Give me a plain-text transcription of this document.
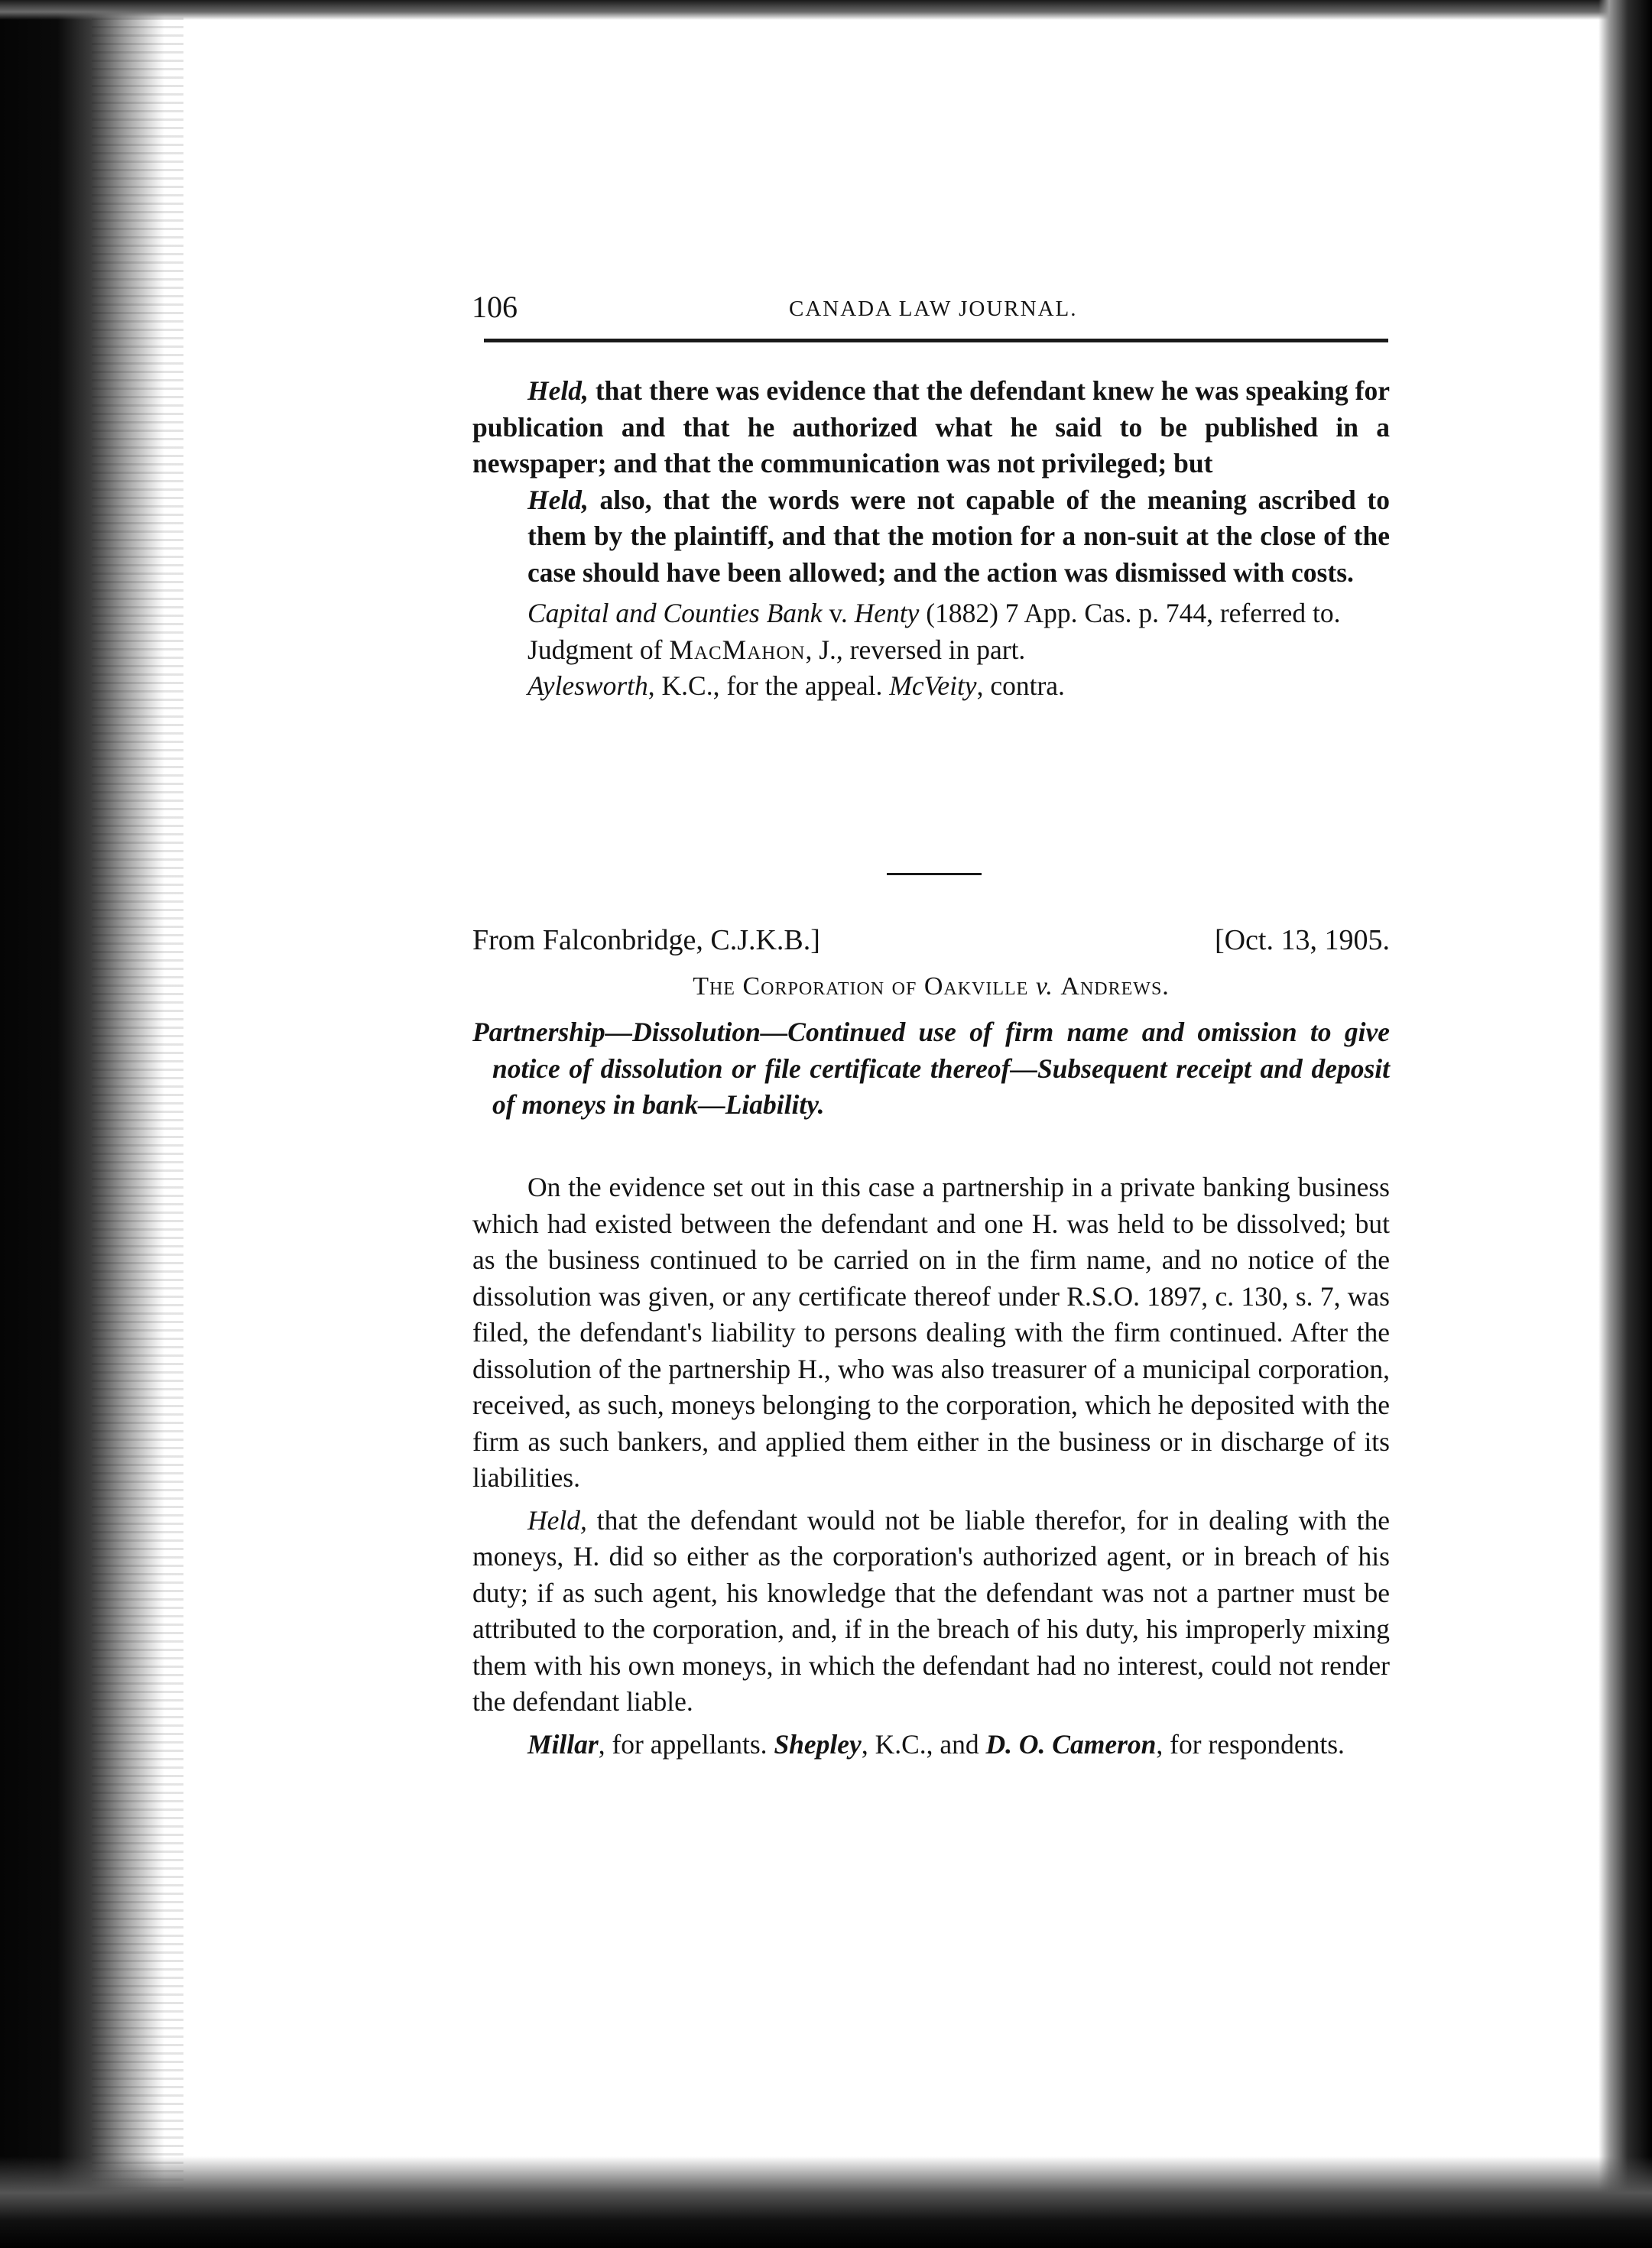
106	CANADA LAW JOURNAL.

Held, that there was evidence that the defendant knew he was speaking for publication and that he authorized what he said to be published in a newspaper; and that the communication was not privileged; but

Held, also, that the words were not capable of the meaning ascribed to them by the plaintiff, and that the motion for a non-suit at the close of the case should have been allowed; and the action was dismissed with costs.

Capital and Counties Bank v. Henty (1882) 7 App. Cas. p. 744, referred to.

Judgment of MacMahon, J., reversed in part.

Aylesworth, K.C., for the appeal. McVeity, contra.

From Falconbridge, C.J.K.B.]	[Oct. 13, 1905.
The Corporation of Oakville v. Andrews.

Partnership—Dissolution—Continued use of firm name and omission to give notice of dissolution or file certificate thereof—Subsequent receipt and deposit of moneys in bank—Liability.

On the evidence set out in this case a partnership in a private banking business which had existed between the defendant and one H. was held to be dissolved; but as the business continued to be carried on in the firm name, and no notice of the dissolution was given, or any certificate thereof under R.S.O. 1897, c. 130, s. 7, was filed, the defendant's liability to persons dealing with the firm continued. After the dissolution of the partnership H., who was also treasurer of a municipal corporation, received, as such, moneys belonging to the corporation, which he deposited with the firm as such bankers, and applied them either in the business or in discharge of its liabilities.

Held, that the defendant would not be liable therefor, for in dealing with the moneys, H. did so either as the corporation's authorized agent, or in breach of his duty; if as such agent, his knowledge that the defendant was not a partner must be attributed to the corporation, and, if in the breach of his duty, his improperly mixing them with his own moneys, in which the defendant had no interest, could not render the defendant liable.

Millar, for appellants. Shepley, K.C., and D. O. Cameron, for respondents.
